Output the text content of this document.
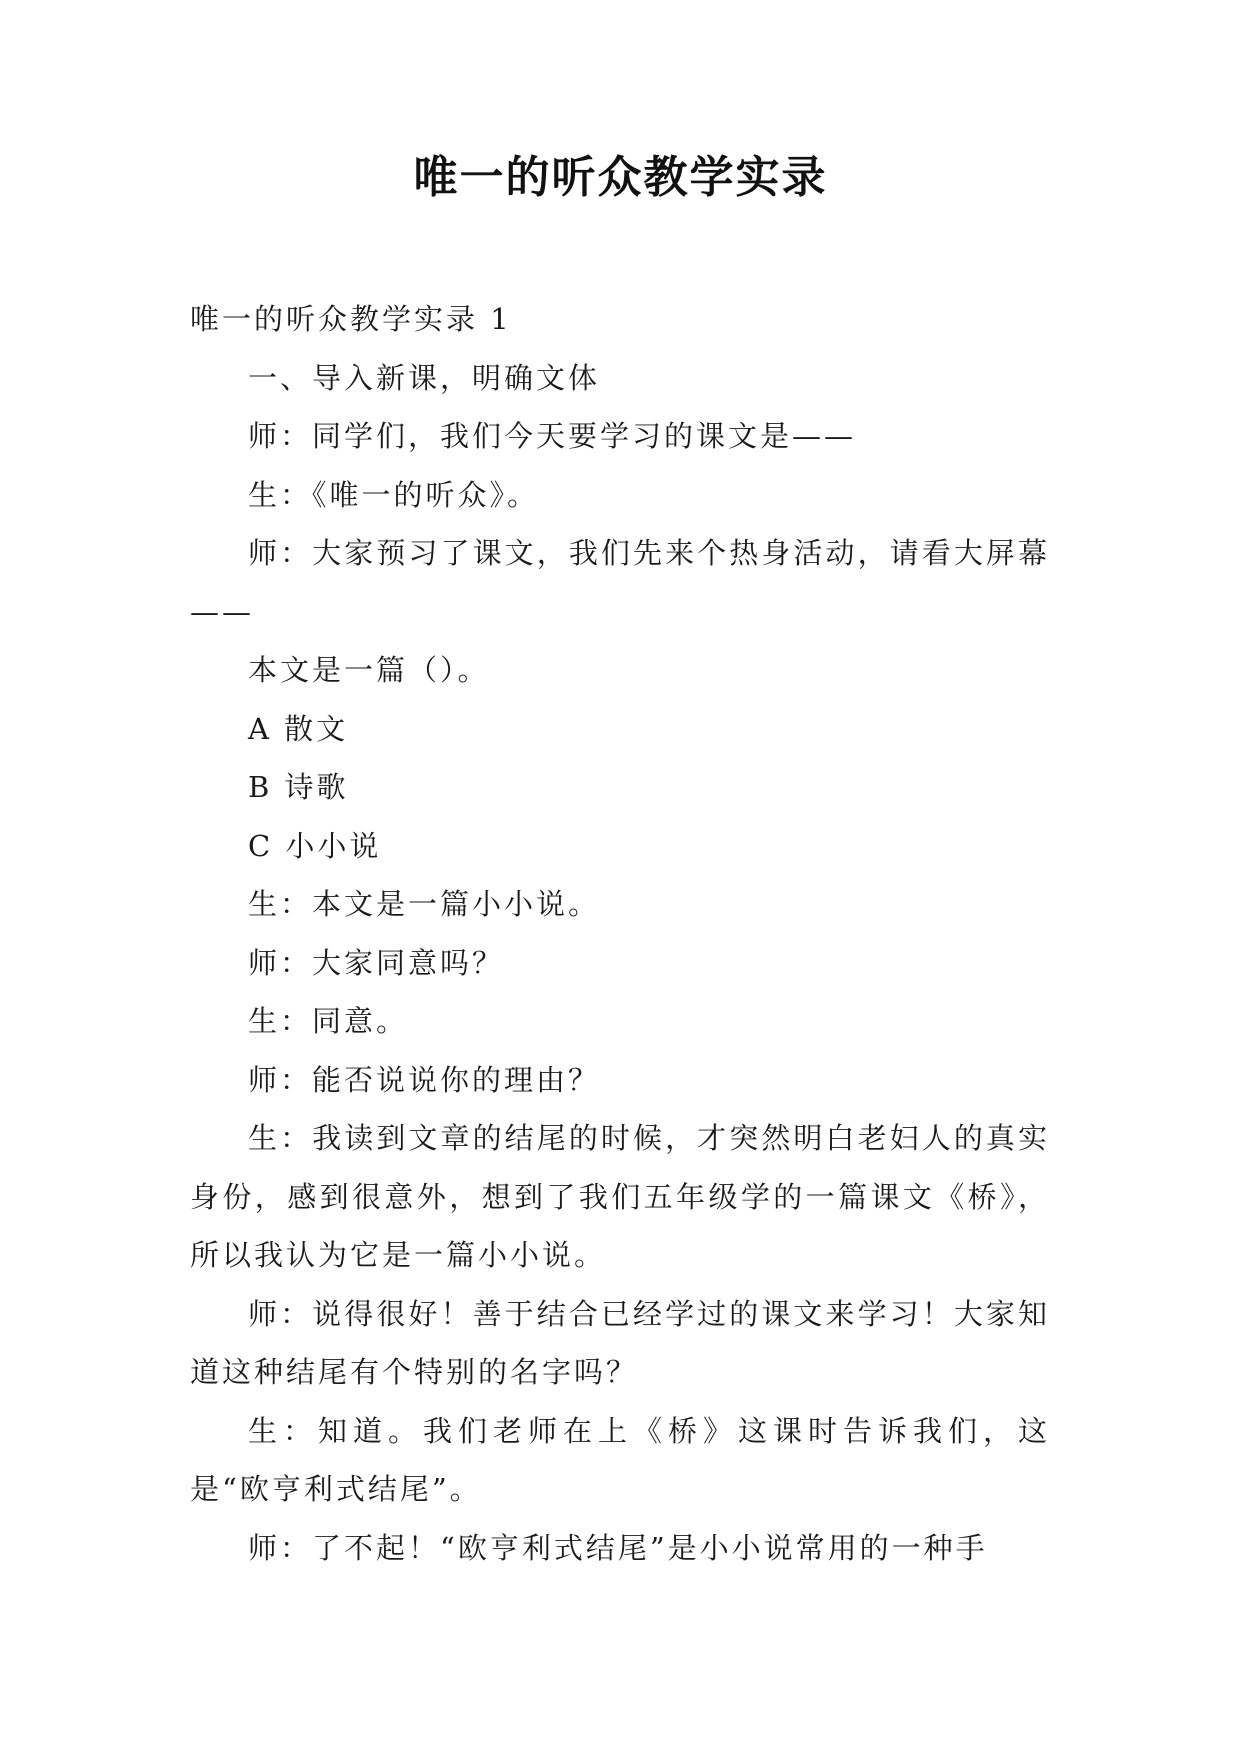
唯一的听众教学实录

唯一的听众教学实录 1

一、导入新课，明确文体

师：同学们，我们今天要学习的课文是——

生：《唯一的听众》。

师：大家预习了课文，我们先来个热身活动，请看大屏幕——

本文是一篇（）。

A 散文

B 诗歌

C 小小说

生：本文是一篇小小说。

师：大家同意吗？

生：同意。

师：能否说说你的理由？

生：我读到文章的结尾的时候，才突然明白老妇人的真实身份，感到很意外，想到了我们五年级学的一篇课文《桥》，所以我认为它是一篇小小说。

师：说得很好！善于结合已经学过的课文来学习！大家知道这种结尾有个特别的名字吗？

生：知道。我们老师在上《桥》这课时告诉我们，这是“欧亨利式结尾”。

师：了不起！“欧亨利式结尾”是小小说常用的一种手
